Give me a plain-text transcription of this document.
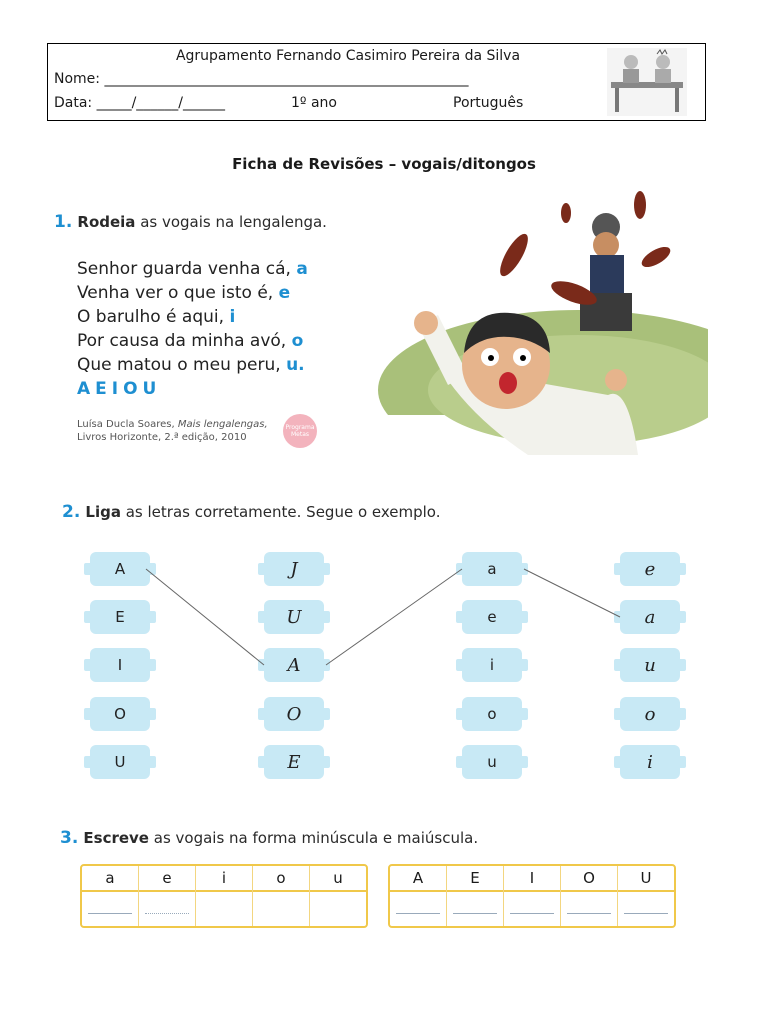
Agrupamento Fernando Casimiro Pereira da Silva
Nome: ____________________________________________________
Data: _____/______/______	1º ano	Português
Ficha de Revisões – vogais/ditongos
1. Rodeia as vogais na lengalenga.
Senhor guarda venha cá, a
Venha ver o que isto é, e
O barulho é aqui, i
Por causa da minha avó, o
Que matou o meu peru, u.
AEIOU
Luísa Ducla Soares, Mais lengalengas,
Livros Horizonte, 2.ª edição, 2010
Programa Metas
2. Liga as letras corretamente. Segue o exemplo.
A
E
I
O
U
J
U
A
O
E
a
e
i
o
u
e
a
u
o
i
3. Escreve as vogais na forma minúscula e maiúscula.
a	e	i	o	u	A	E	I	O	U
